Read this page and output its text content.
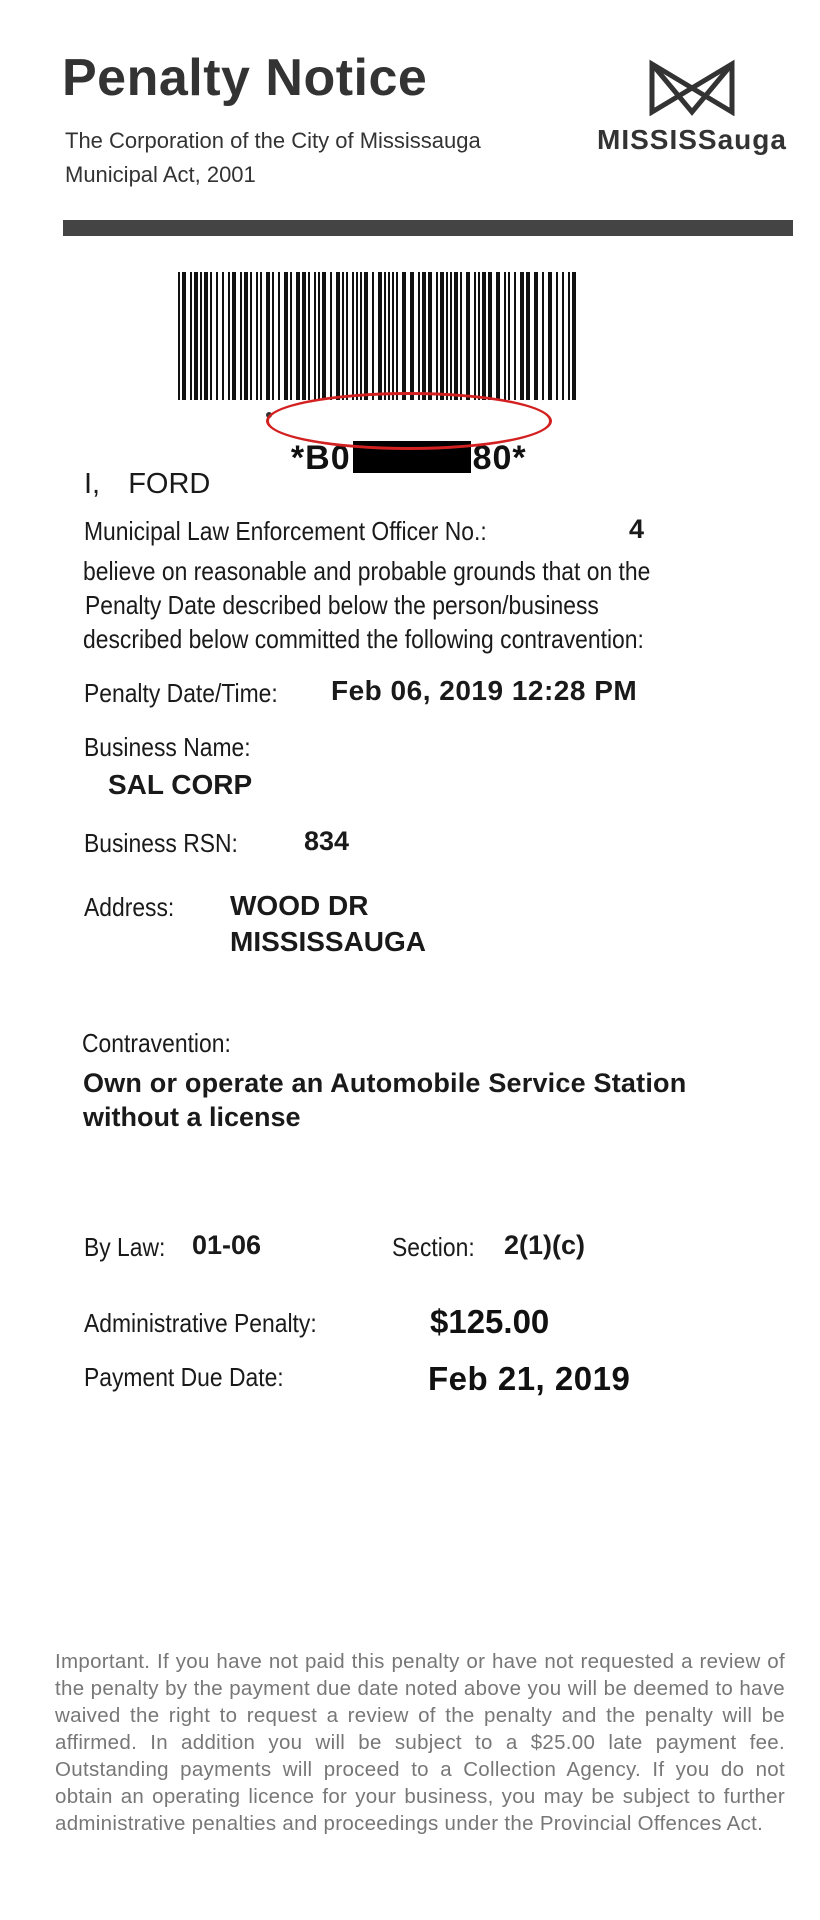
Penalty Notice
The Corporation of the City of Mississauga
Municipal Act, 2001
MISSISSauga

*B0	80*

I, FORD
Municipal Law Enforcement Officer No.:	4
believe on reasonable and probable grounds that on the
Penalty Date described below the person/business
described below committed the following contravention:
Penalty Date/Time: Feb 06, 2019 12:28 PM
Business Name:
SAL CORP
Business RSN: 834
Address: WOOD DR
MISSISSAUGA
Contravention:
Own or operate an Automobile Service Station
without a license
By Law: 01-06	Section: 2(1)(c)
Administrative Penalty:	$125.00
Payment Due Date:	Feb 21, 2019
Important. If you have not paid this penalty or have not requested a review of the penalty by the payment due date noted above you will be deemed to have waived the right to request a review of the penalty and the penalty will be affirmed. In addition you will be subject to a $25.00 late payment fee. Outstanding payments will proceed to a Collection Agency. If you do not obtain an operating licence for your business, you may be subject to further administrative penalties and proceedings under the Provincial Offences Act.
